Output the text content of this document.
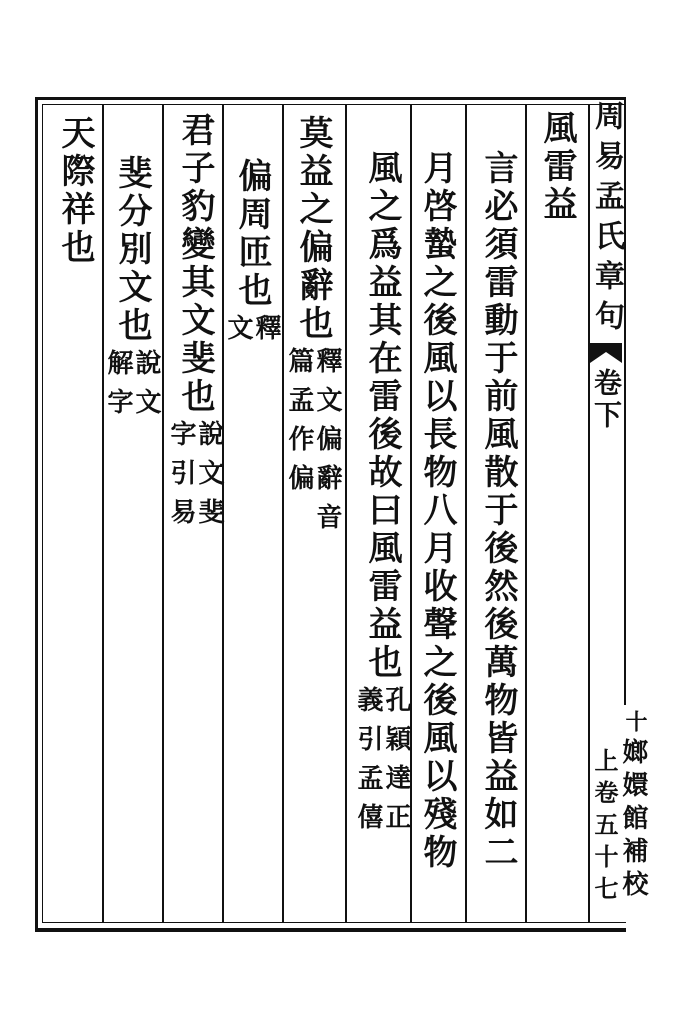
周易孟氏章句
卷下
十
嫏嬛館補校
上卷五十七
風雷益
言必須雷動于前風散于後然後萬物皆益如二
月啓蟄之後風以長物八月收聲之後風以殘物
風之爲益其在雷後故曰風雷益也
孔穎達正
義引孟僖
莫益之偏辭也
釋文偏辭音
篇孟作偏
偏周匝也
釋
文
君子豹變其文斐也
說文斐
字引易
斐分別文也
說文
解字
天際祥也
